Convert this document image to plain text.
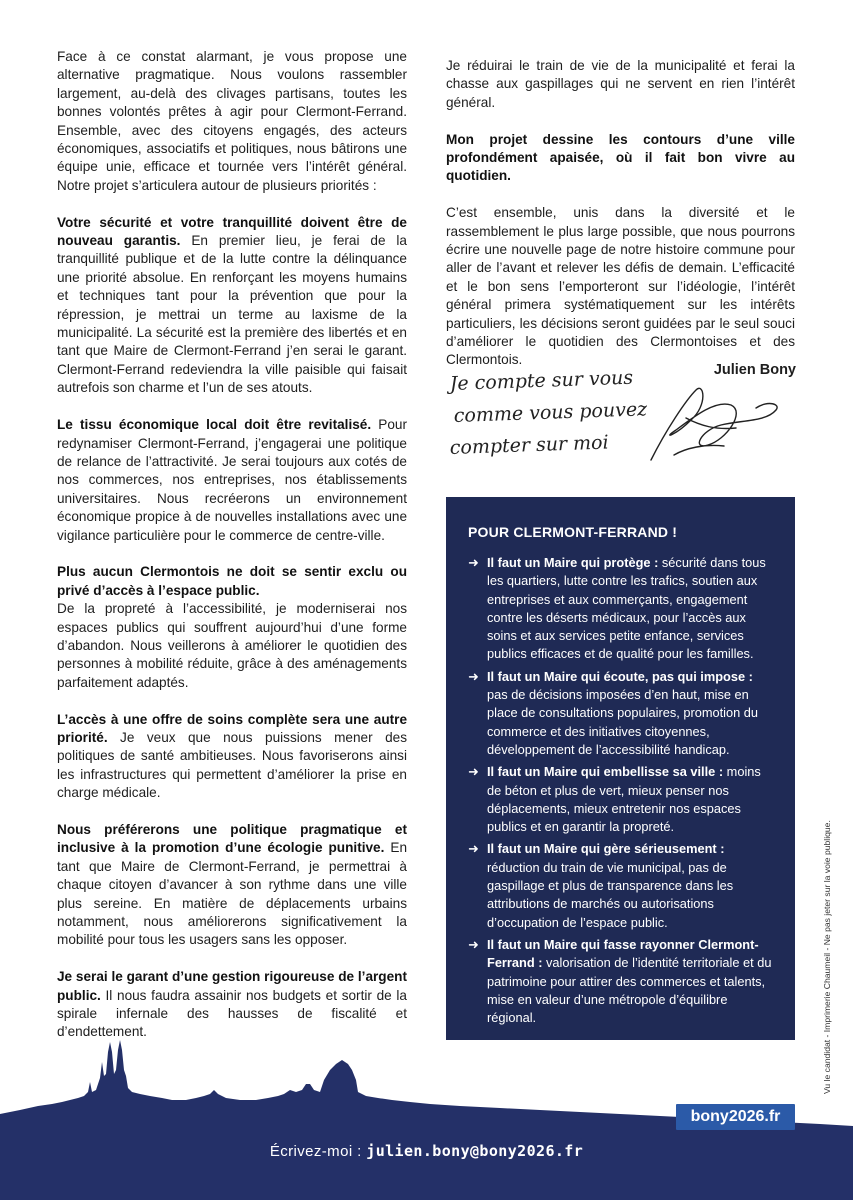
Face à ce constat alarmant, je vous propose une alternative pragmatique. Nous voulons rassembler largement, au-delà des clivages partisans, toutes les bonnes volontés prêtes à agir pour Clermont-Ferrand. Ensemble, avec des citoyens engagés, des acteurs économiques, associatifs et politiques, nous bâtirons une équipe unie, efficace et tournée vers l’intérêt général. Notre projet s’articulera autour de plusieurs priorités :

Votre sécurité et votre tranquillité doivent être de nouveau garantis. En premier lieu, je ferai de la tranquillité publique et de la lutte contre la délinquance une priorité absolue. En renforçant les moyens humains et techniques tant pour la prévention que pour la répression, je mettrai un terme au laxisme de la municipalité. La sécurité est la première des libertés et en tant que Maire de Clermont-Ferrand j’en serai le garant. Clermont-Ferrand redeviendra la ville paisible qui faisait autrefois son charme et l’un de ses atouts.

Le tissu économique local doit être revitalisé. Pour redynamiser Clermont-Ferrand, j’engagerai une politique de relance de l’attractivité. Je serai toujours aux cotés de nos commerces, nos entreprises, nos établissements universitaires. Nous recréerons un environnement économique propice à de nouvelles installations avec une vigilance particulière pour le commerce de centre-ville.

Plus aucun Clermontois ne doit se sentir exclu ou privé d’accès à l’espace public.
De la propreté à l’accessibilité, je moderniserai nos espaces publics qui souffrent aujourd’hui d’une forme d’abandon. Nous veillerons à améliorer le quotidien des personnes à mobilité réduite, grâce à des aménagements parfaitement adaptés.

L’accès à une offre de soins complète sera une autre priorité. Je veux que nous puissions mener des politiques de santé ambitieuses. Nous favoriserons ainsi les infrastructures qui permettent d’améliorer la prise en charge médicale.

Nous préférerons une politique pragmatique et inclusive à la promotion d’une écologie punitive. En tant que Maire de Clermont-Ferrand, je permettrai à chaque citoyen d’avancer à son rythme dans une ville plus sereine. En matière de déplacements urbains notamment, nous améliorerons significativement la mobilité pour tous les usagers sans les opposer.

Je serai le garant d’une gestion rigoureuse de l’argent public. Il nous faudra assainir nos budgets et sortir de la spirale infernale des hausses de fiscalité et d’endettement.

Je réduirai le train de vie de la municipalité et ferai la chasse aux gaspillages qui ne servent en rien l’intérêt général.

Mon projet dessine les contours d’une ville profondément apaisée, où il fait bon vivre au quotidien.

C’est ensemble, unis dans la diversité et le rassemblement le plus large possible, que nous pourrons écrire une nouvelle page de notre histoire commune pour aller de l’avant et relever les défis de demain. L’efficacité et le bon sens l’emporteront sur l’idéologie, l’intérêt général primera systématiquement sur les intérêts particuliers, les décisions seront guidées par le seul souci d’améliorer le quotidien des Clermontoises et des Clermontois.

Je compte sur vous
comme vous pouvez
compter sur moi
Julien Bony
POUR CLERMONT-FERRAND !
➜ Il faut un Maire qui protège : sécurité dans tous les quartiers, lutte contre les trafics, soutien aux entreprises et aux commerçants, engagement contre les déserts médicaux, pour l’accès aux soins et aux services petite enfance, services publics efficaces et de qualité pour les familles.
➜ Il faut un Maire qui écoute, pas qui impose : pas de décisions imposées d’en haut, mise en place de consultations populaires, promotion du commerce et des initiatives citoyennes, développement de l’accessibilité handicap.
➜ Il faut un Maire qui embellisse sa ville : moins de béton et plus de vert, mieux penser nos déplacements, mieux entretenir nos espaces publics et en garantir la propreté.
➜ Il faut un Maire qui gère sérieusement : réduction du train de vie municipal, pas de gaspillage et plus de transparence dans les attributions de marchés ou autorisations d’occupation de l’espace public.
➜ Il faut un Maire qui fasse rayonner Clermont-Ferrand : valorisation de l’identité territoriale et du patrimoine pour attirer des commerces et talents, mise en valeur d’une métropole d’équilibre régional.	Vu le candidat - Imprimerie Chaumeil - Ne pas jeter sur la voie publique.
bony2026.fr
Écrivez-moi : julien.bony@bony2026.fr
